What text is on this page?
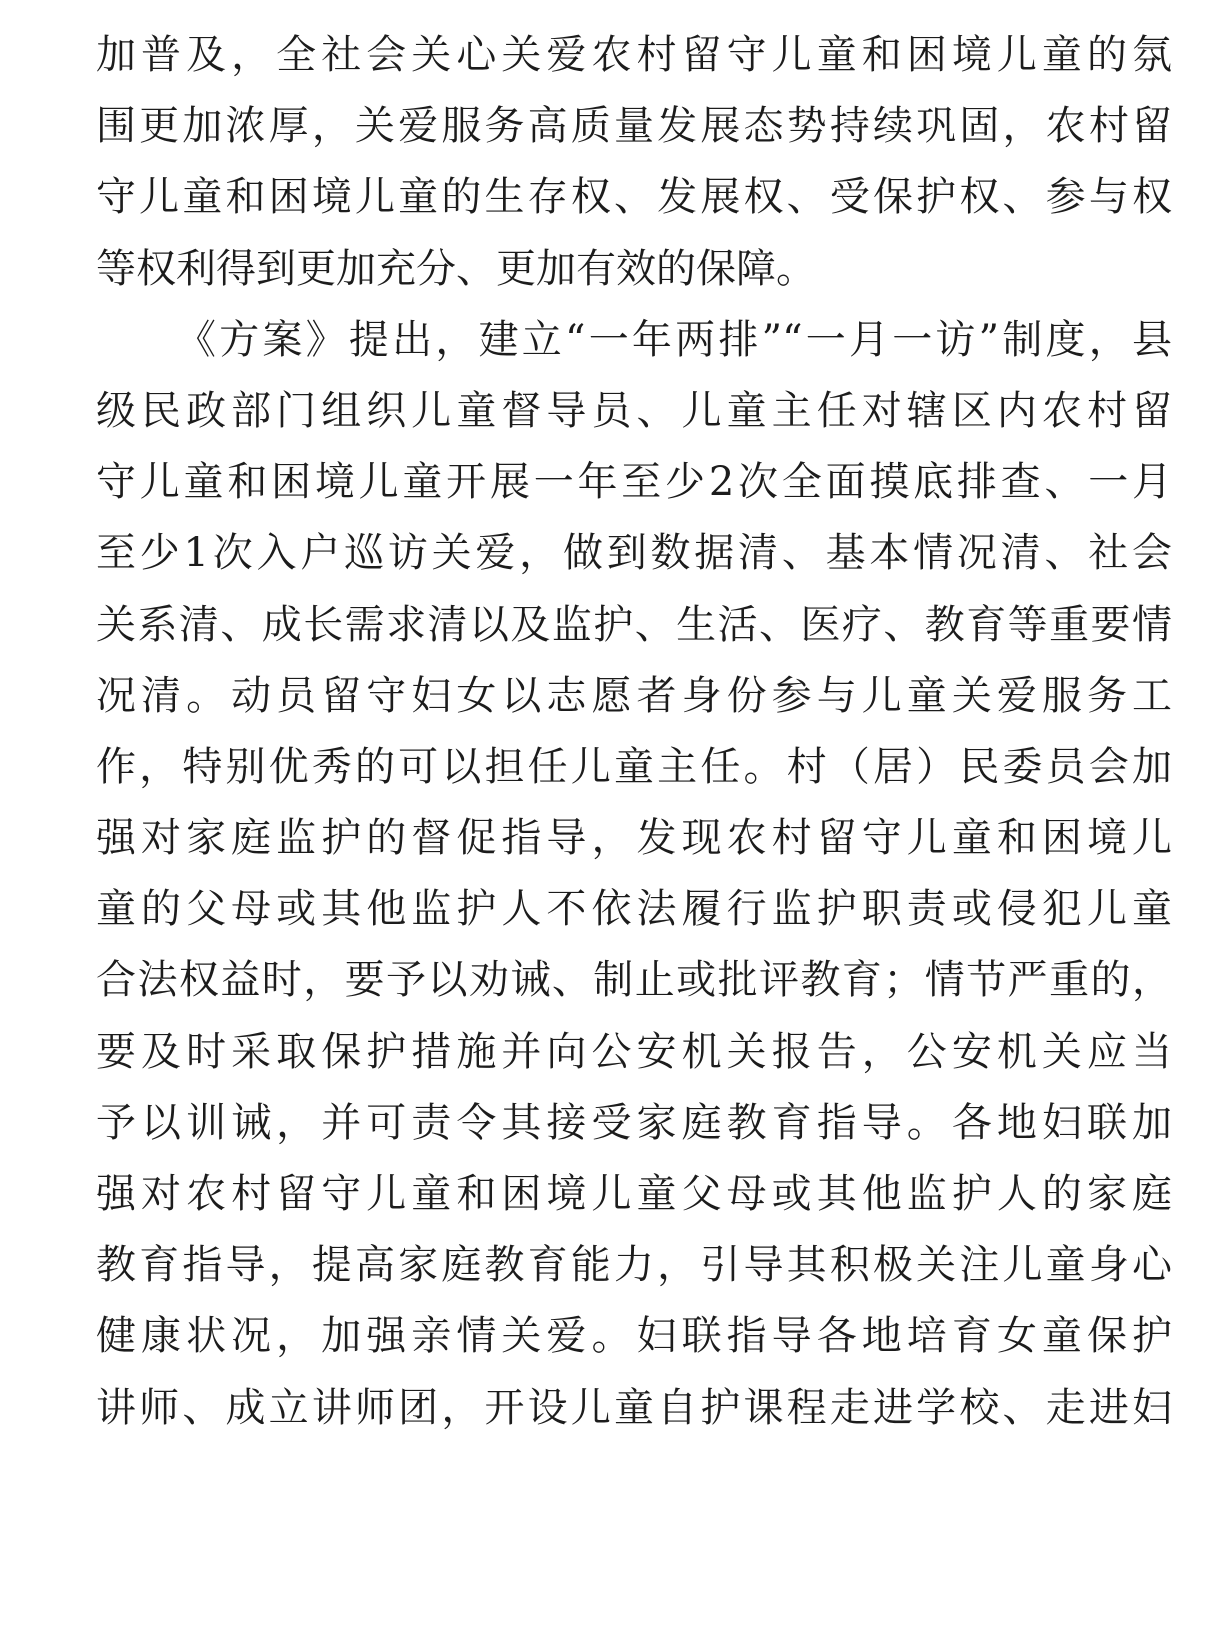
加普及，全社会关心关爱农村留守儿童和困境儿童的氛
围更加浓厚，关爱服务高质量发展态势持续巩固，农村留
守儿童和困境儿童的生存权、发展权、受保护权、参与权
等权利得到更加充分、更加有效的保障。
《方案》提出，建立“一年两排”“一月一访”制度，县
级民政部门组织儿童督导员、儿童主任对辖区内农村留
守儿童和困境儿童开展一年至少2次全面摸底排查、一月
至少1次入户巡访关爱，做到数据清、基本情况清、社会
关系清、成长需求清以及监护、生活、医疗、教育等重要情
况清。动员留守妇女以志愿者身份参与儿童关爱服务工
作，特别优秀的可以担任儿童主任。村（居）民委员会加
强对家庭监护的督促指导，发现农村留守儿童和困境儿
童的父母或其他监护人不依法履行监护职责或侵犯儿童
合法权益时，要予以劝诫、制止或批评教育；情节严重的，
要及时采取保护措施并向公安机关报告，公安机关应当
予以训诫，并可责令其接受家庭教育指导。各地妇联加
强对农村留守儿童和困境儿童父母或其他监护人的家庭
教育指导，提高家庭教育能力，引导其积极关注儿童身心
健康状况，加强亲情关爱。妇联指导各地培育女童保护
讲师、成立讲师团，开设儿童自护课程走进学校、走进妇
